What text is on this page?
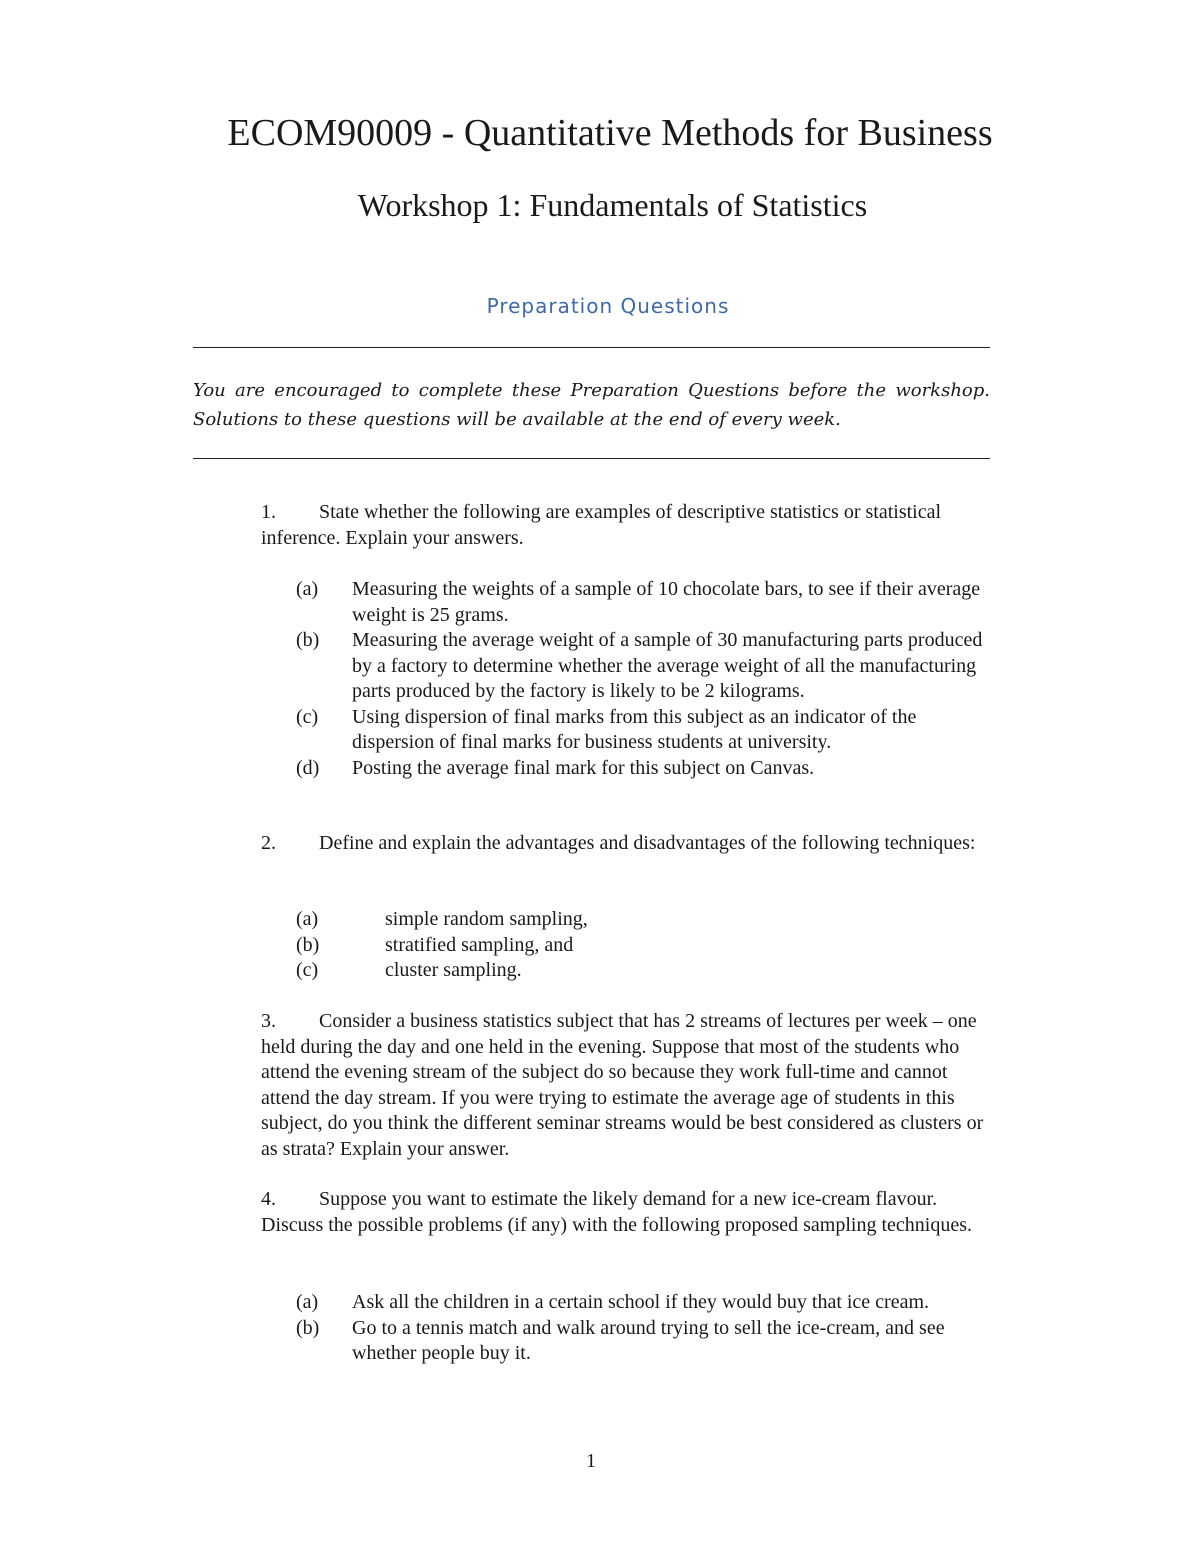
ECOM90009 - Quantitative Methods for Business
Workshop 1: Fundamentals of Statistics
Preparation Questions

You are encouraged to complete these Preparation Questions before the workshop.
Solutions to these questions will be available at the end of every week.

1. State whether the following are examples of descriptive statistics or statistical inference. Explain your answers.

(a)	Measuring the weights of a sample of 10 chocolate bars, to see if their average weight is 25 grams.
(b)	Measuring the average weight of a sample of 30 manufacturing parts produced by a factory to determine whether the average weight of all the manufacturing parts produced by the factory is likely to be 2 kilograms.
(c)	Using dispersion of final marks from this subject as an indicator of the dispersion of final marks for business students at university.
(d)	Posting the average final mark for this subject on Canvas.

2. Define and explain the advantages and disadvantages of the following techniques:

(a)	simple random sampling,
(b)	stratified sampling, and
(c)	cluster sampling.

3. Consider a business statistics subject that has 2 streams of lectures per week – one held during the day and one held in the evening. Suppose that most of the students who attend the evening stream of the subject do so because they work full-time and cannot attend the day stream. If you were trying to estimate the average age of students in this subject, do you think the different seminar streams would be best considered as clusters or as strata? Explain your answer.

4. Suppose you want to estimate the likely demand for a new ice-cream flavour. Discuss the possible problems (if any) with the following proposed sampling techniques.

(a)	Ask all the children in a certain school if they would buy that ice cream.
(b)	Go to a tennis match and walk around trying to sell the ice-cream, and see whether people buy it.
1
